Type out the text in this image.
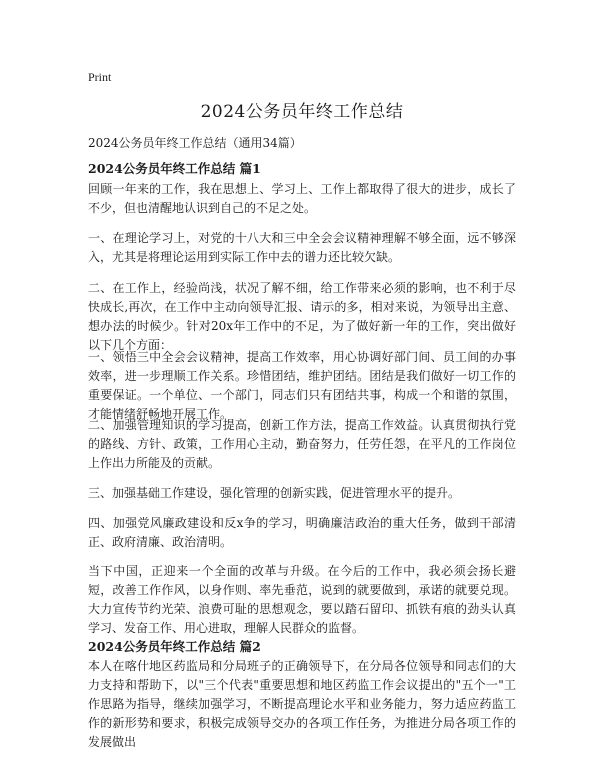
Print
2024公务员年终工作总结

2024公务员年终工作总结（通用34篇）

2024公务员年终工作总结 篇1

回顾一年来的工作，我在思想上、学习上、工作上都取得了很大的进步，成长了不少，但也清醒地认识到自己的不足之处。

一、在理论学习上，对党的十八大和三中全会会议精神理解不够全面，远不够深入，尤其是将理论运用到实际工作中去的谱力还比较欠缺。

二、在工作上，经验尚浅，状况了解不细，给工作带来必须的影响，也不利于尽快成长,再次，在工作中主动向领导汇报、请示的多，相对来说，为领导出主意、想办法的时候少。针对20x年工作中的不足，为了做好新一年的工作，突出做好以下几个方面：

一、领悟三中全会会议精神，提高工作效率，用心协调好部门间、员工间的办事效率，进一步理顺工作关系。珍惜团结，维护团结。团结是我们做好一切工作的重要保证。一个单位、一个部门，同志们只有团结共事，构成一个和谐的氛围，才能情绪舒畅地开展工作。

二、加强管理知识的学习提高，创新工作方法，提高工作效益。认真贯彻执行党的路线、方针、政策，工作用心主动，勤奋努力，任劳任怨，在平凡的工作岗位上作出力所能及的贡献。

三、加强基础工作建设，强化管理的创新实践，促进管理水平的提升。

四、加强党风廉政建设和反x争的学习，明确廉洁政治的重大任务，做到干部清正、政府清廉、政治清明。

当下中国，正迎来一个全面的改革与升级。在今后的工作中，我必须会扬长避短，改善工作作风，以身作则、率先垂范，说到的就要做到，承诺的就要兑现。大力宣传节约光荣、浪费可耻的思想观念，要以踏石留印、抓铁有痕的劲头认真学习、发奋工作、用心进取，理解人民群众的监督。

2024公务员年终工作总结 篇2

本人在喀什地区药监局和分局班子的正确领导下，在分局各位领导和同志们的大力支持和帮助下，以"三个代表"重要思想和地区药监工作会议提出的"五个一"工作思路为指导，继续加强学习，不断提高理论水平和业务能力，努力适应药监工作的新形势和要求，积极完成领导交办的各项工作任务，为推进分局各项工作的发展做出
